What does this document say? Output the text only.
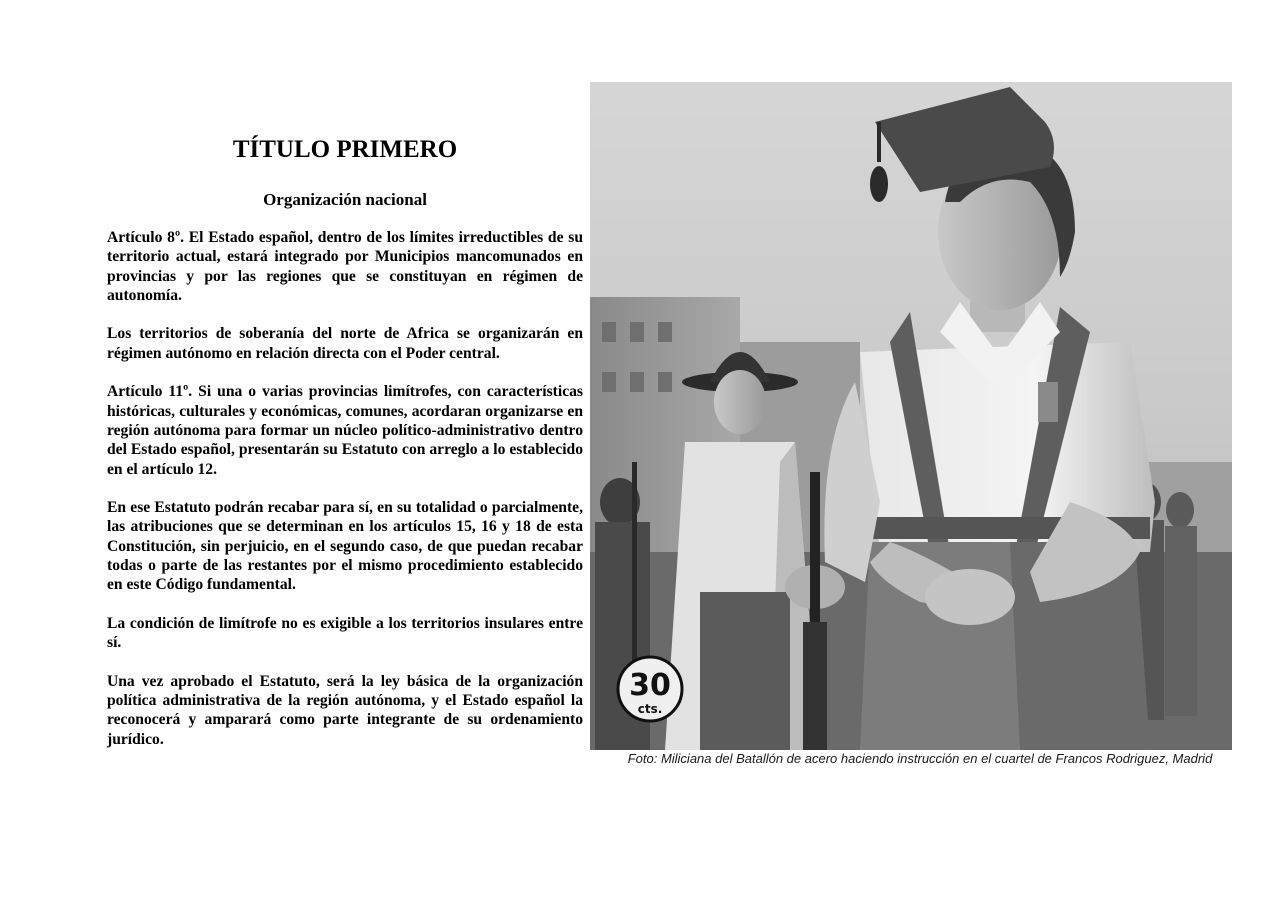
TÍTULO PRIMERO
Organización nacional

Artículo 8º. El Estado español, dentro de los límites irreductibles de su territorio actual, estará integrado por Municipios mancomunados en provincias y por las regiones que se constituyan en régimen de autonomía.

Los territorios de soberanía del norte de Africa se organizarán en régimen autónomo en relación directa con el Poder central.

Artículo 11º. Si una o varias provincias limítrofes, con características históricas, culturales y económicas, comunes, acordaran organizarse en región autónoma para formar un núcleo político-administrativo dentro del Estado español, presentarán su Estatuto con arreglo a lo establecido en el artículo 12.

En ese Estatuto podrán recabar para sí, en su totalidad o parcialmente, las atribuciones que se determinan en los artículos 15, 16 y 18 de esta Constitución, sin perjuicio, en el segundo caso, de que puedan recabar todas o parte de las restantes por el mismo procedimiento establecido en este Código fundamental.

La condición de limítrofe no es exigible a los territorios insulares entre sí.

Una vez aprobado el Estatuto, será la ley básica de la organización política administrativa de la región autónoma, y el Estado español la reconocerá y amparará como parte integrante de su ordenamiento jurídico.

30
cts.
Foto: Miliciana del Batallón de acero haciendo instrucción en el cuartel de Francos Rodriguez, Madrid
